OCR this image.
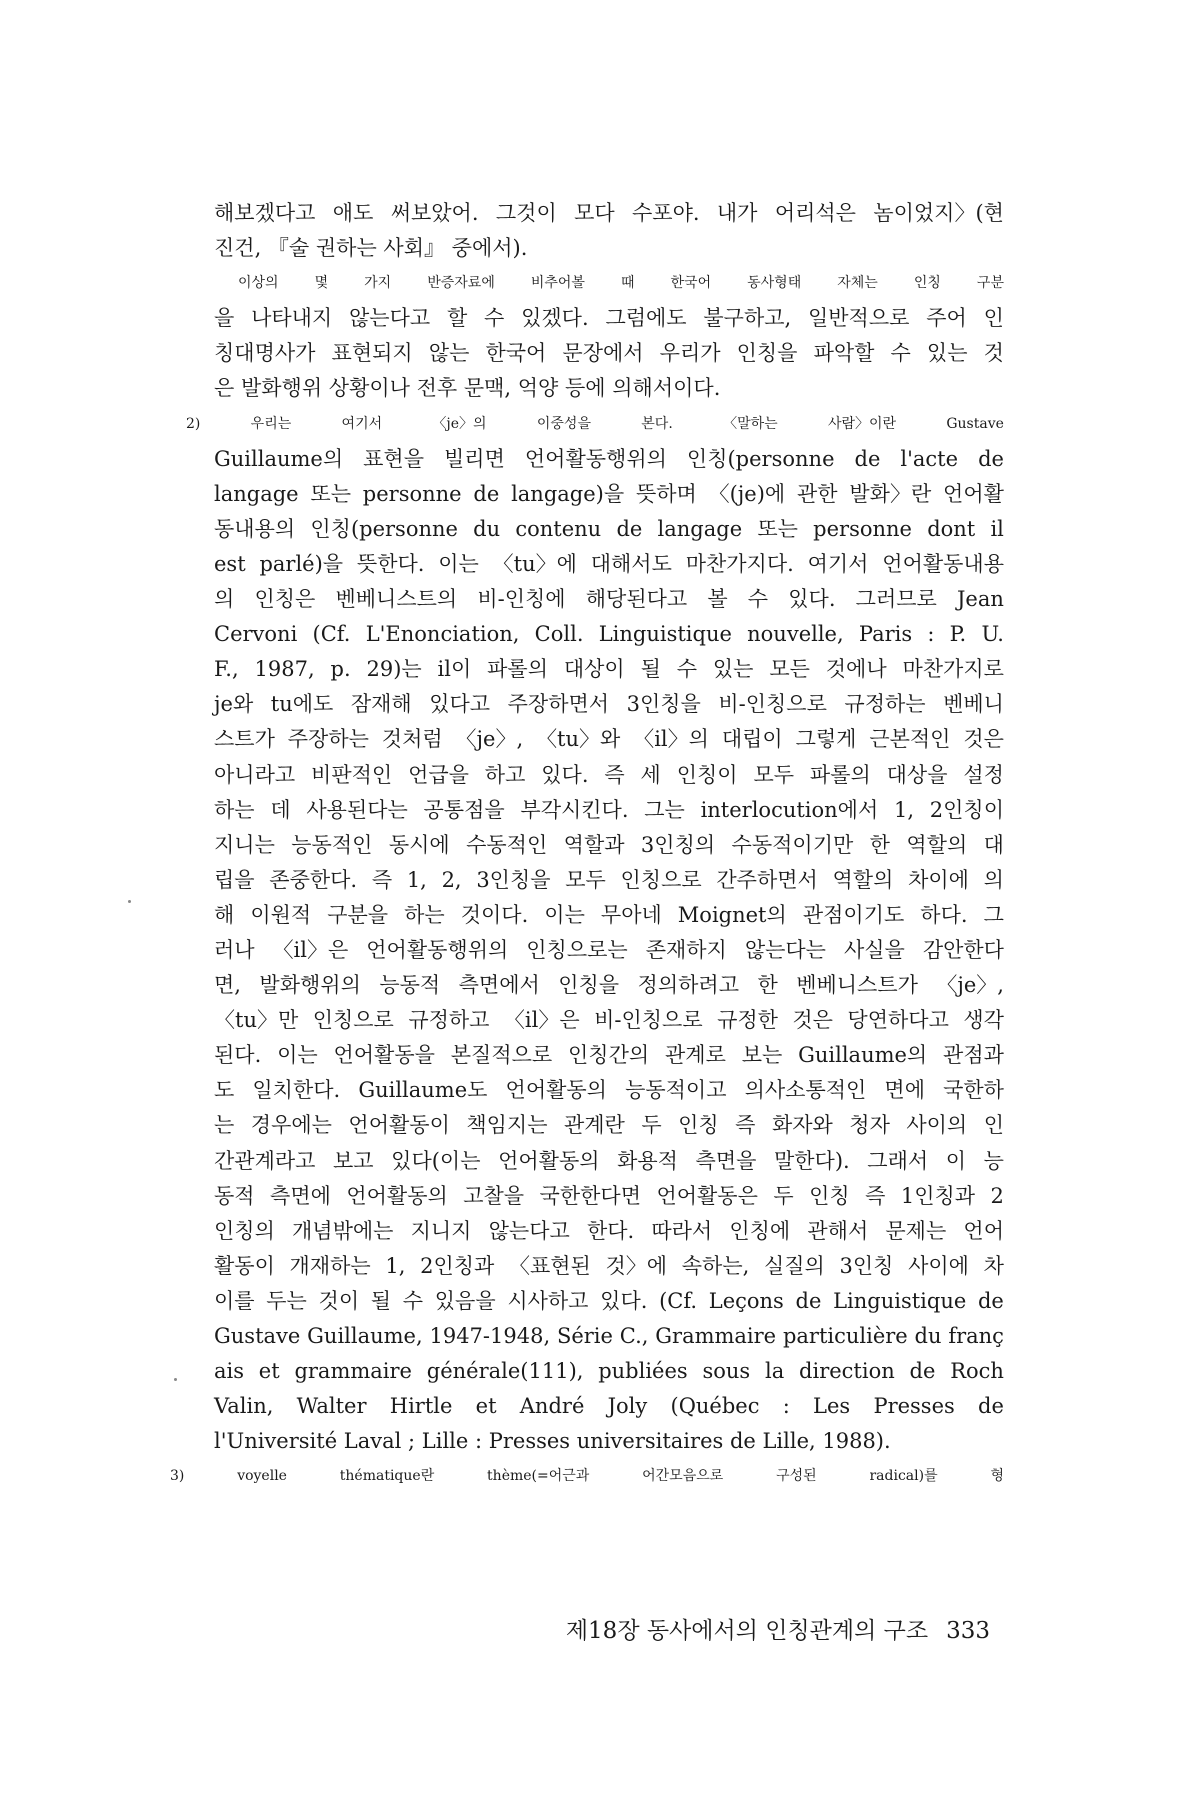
해보겠다고 애도 써보았어. 그것이 모다 수포야. 내가 어리석은 놈이었지〉(현
진건, 『술 권하는 사회』 중에서).
이상의	몇	가지	반증자료에	비추어볼	때	한국어	동사형태	자체는	인칭	구분
을 나타내지 않는다고 할 수 있겠다. 그럼에도 불구하고, 일반적으로 주어 인
칭대명사가 표현되지 않는 한국어 문장에서 우리가 인칭을 파악할 수 있는 것
은 발화행위 상황이나 전후 문맥, 억양 등에 의해서이다.
2)	우리는	여기서	〈je〉의	이중성을	본다.	〈말하는	사람〉이란	Gustave
Guillaume의 표현을 빌리면 언어활동행위의 인칭(personne de l'acte de
langage 또는 personne de langage)을 뜻하며 〈(je)에 관한 발화〉란 언어활
동내용의 인칭(personne du contenu de langage 또는 personne dont il
est parlé)을 뜻한다. 이는 〈tu〉에 대해서도 마찬가지다. 여기서 언어활동내용
의 인칭은 벤베니스트의 비-인칭에 해당된다고 볼 수 있다. 그러므로 Jean
Cervoni (Cf. L'Enonciation, Coll. Linguistique nouvelle, Paris : P. U.
F., 1987, p. 29)는 il이 파롤의 대상이 될 수 있는 모든 것에나 마찬가지로
je와 tu에도 잠재해 있다고 주장하면서 3인칭을 비-인칭으로 규정하는 벤베니
스트가 주장하는 것처럼 〈je〉, 〈tu〉와 〈il〉의 대립이 그렇게 근본적인 것은
아니라고 비판적인 언급을 하고 있다. 즉 세 인칭이 모두 파롤의 대상을 설정
하는 데 사용된다는 공통점을 부각시킨다. 그는 interlocution에서 1, 2인칭이
지니는 능동적인 동시에 수동적인 역할과 3인칭의 수동적이기만 한 역할의 대
립을 존중한다. 즉 1, 2, 3인칭을 모두 인칭으로 간주하면서 역할의 차이에 의
해 이원적 구분을 하는 것이다. 이는 무아네 Moignet의 관점이기도 하다. 그
러나 〈il〉은 언어활동행위의 인칭으로는 존재하지 않는다는 사실을 감안한다
면, 발화행위의 능동적 측면에서 인칭을 정의하려고 한 벤베니스트가 〈je〉,
〈tu〉만 인칭으로 규정하고 〈il〉은 비-인칭으로 규정한 것은 당연하다고 생각
된다. 이는 언어활동을 본질적으로 인칭간의 관계로 보는 Guillaume의 관점과
도 일치한다. Guillaume도 언어활동의 능동적이고 의사소통적인 면에 국한하
는 경우에는 언어활동이 책임지는 관계란 두 인칭 즉 화자와 청자 사이의 인
간관계라고 보고 있다(이는 언어활동의 화용적 측면을 말한다). 그래서 이 능
동적 측면에 언어활동의 고찰을 국한한다면 언어활동은 두 인칭 즉 1인칭과 2
인칭의 개념밖에는 지니지 않는다고 한다. 따라서 인칭에 관해서 문제는 언어
활동이 개재하는 1, 2인칭과 〈표현된 것〉에 속하는, 실질의 3인칭 사이에 차
이를 두는 것이 될 수 있음을 시사하고 있다. (Cf. Leçons de Linguistique de
Gustave Guillaume, 1947-1948, Série C., Grammaire particulière du franç
ais et grammaire générale(111), publiées sous la direction de Roch
Valin, Walter Hirtle et André Joly (Québec : Les Presses de
l'Université Laval ; Lille : Presses universitaires de Lille, 1988).
3)	voyelle	thématique란	thème(=어근과	어간모음으로	구성된	radical)를	형
제18장 동사에서의 인칭관계의 구조 333
